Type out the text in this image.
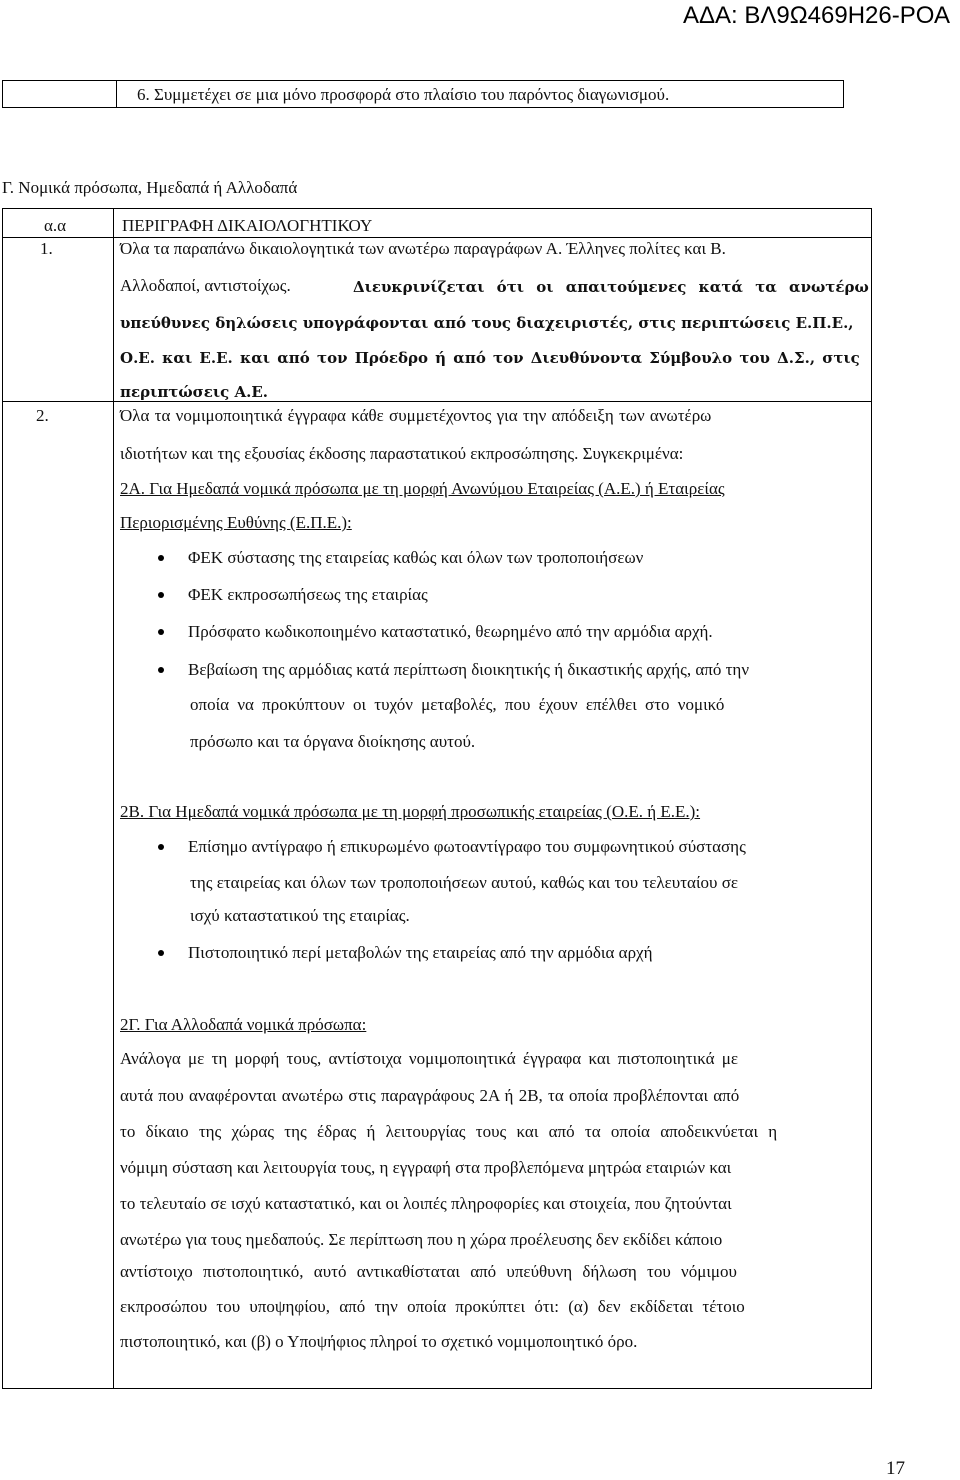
ΑΔΑ: ΒΛ9Ω469Η26-ΡΟΑ
6. Συμμετέχει σε μια μόνο προσφορά στο πλαίσιο του παρόντος διαγωνισμού.
Γ. Νομικά πρόσωπα, Ημεδαπά ή Αλλοδαπά
α.α	ΠΕΡΙΓΡΑΦΗ ΔΙΚΑΙΟΛΟΓΗΤΙΚΟΥ
1.	Όλα τα παραπάνω δικαιολογητικά των ανωτέρω παραγράφων Α. Έλληνες πολίτες και Β.
Αλλοδαποί, αντιστοίχως.	Διευκρινίζεται ότι οι απαιτούμενες κατά τα ανωτέρω
υπεύθυνες δηλώσεις υπογράφονται από τους διαχειριστές, στις περιπτώσεις Ε.Π.Ε.,
Ο.Ε. και Ε.Ε. και από τον Πρόεδρο ή από τον Διευθύνοντα Σύμβουλο του Δ.Σ., στις
περιπτώσεις Α.Ε.
2.	Όλα τα νομιμοποιητικά έγγραφα κάθε συμμετέχοντος για την απόδειξη των ανωτέρω
ιδιοτήτων και της εξουσίας έκδοσης παραστατικού εκπροσώπησης. Συγκεκριμένα:
2Α. Για Ημεδαπά νομικά πρόσωπα με τη μορφή Ανωνύμου Εταιρείας (Α.Ε.) ή Εταιρείας
Περιορισμένης Ευθύνης (Ε.Π.Ε.):
ΦΕΚ σύστασης της εταιρείας καθώς και όλων των τροποποιήσεων
ΦΕΚ εκπροσωπήσεως της εταιρίας
Πρόσφατο κωδικοποιημένο καταστατικό, θεωρημένο από την αρμόδια αρχή.
Βεβαίωση της αρμόδιας κατά περίπτωση διοικητικής ή δικαστικής αρχής, από την
οποία να προκύπτουν οι τυχόν μεταβολές, που έχουν επέλθει στο νομικό
πρόσωπο και τα όργανα διοίκησης αυτού.
2Β. Για Ημεδαπά νομικά πρόσωπα με τη μορφή προσωπικής εταιρείας (Ο.Ε. ή Ε.Ε.):
Επίσημο αντίγραφο ή επικυρωμένο φωτοαντίγραφο του συμφωνητικού σύστασης
της εταιρείας και όλων των τροποποιήσεων αυτού, καθώς και του τελευταίου σε
ισχύ καταστατικού της εταιρίας.
Πιστοποιητικό περί μεταβολών της εταιρείας από την αρμόδια αρχή
2Γ. Για Αλλοδαπά νομικά πρόσωπα:
Ανάλογα με τη μορφή τους, αντίστοιχα νομιμοποιητικά έγγραφα και πιστοποιητικά με
αυτά που αναφέρονται ανωτέρω στις παραγράφους 2Α ή 2Β, τα οποία προβλέπονται από
το δίκαιο της χώρας της έδρας ή λειτουργίας τους και από τα οποία αποδεικνύεται η
νόμιμη σύσταση και λειτουργία τους, η εγγραφή στα προβλεπόμενα μητρώα εταιριών και
το τελευταίο σε ισχύ καταστατικό, και οι λοιπές πληροφορίες και στοιχεία, που ζητούνται
ανωτέρω για τους ημεδαπούς. Σε περίπτωση που η χώρα προέλευσης δεν εκδίδει κάποιο
αντίστοιχο πιστοποιητικό, αυτό αντικαθίσταται από υπεύθυνη δήλωση του νόμιμου
εκπροσώπου του υποψηφίου, από την οποία προκύπτει ότι: (α) δεν εκδίδεται τέτοιο
πιστοποιητικό, και (β) ο Υποψήφιος πληροί το σχετικό νομιμοποιητικό όρο.
17
